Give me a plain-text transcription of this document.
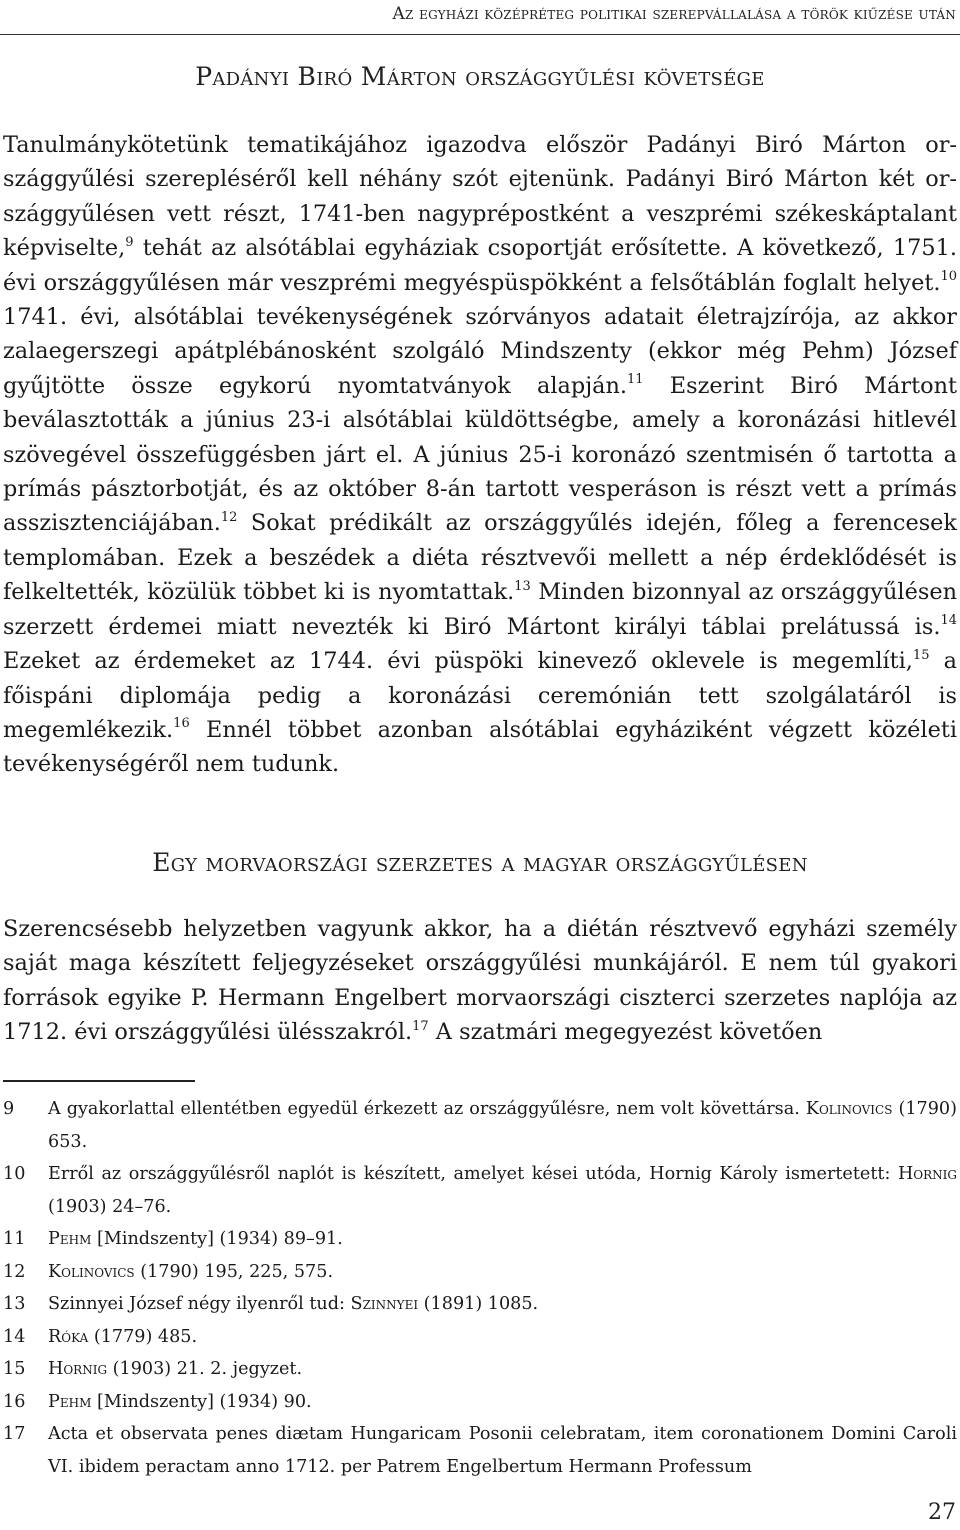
Az egyházi középréteg politikai szerepvállalása a török kiűzése után
Padányi Biró Márton országgyűlési követsége
Tanulmánykötetünk tematikájához igazodva először Padányi Biró Márton országgyűlési szerepléséről kell néhány szót ejtenünk. Padányi Biró Márton két országgyűlésen vett részt, 1741-ben nagyprépostként a veszprémi székeskáptalant képviselte,$^9$ tehát az alsótáblai egyháziak csoportját erősítette. A következő, 1751. évi országgyűlésen már veszprémi megyéspüspökként a felsőtáblán foglalt helyet.$^{10}$ 1741. évi, alsótáblai tevékenységének szórványos adatait életrajzírója, az akkor zalaegerszegi apátplébánosként szolgáló Mindszenty (ekkor még Pehm) József gyűjtötte össze egykorú nyomtatványok alapján.$^{11}$ Eszerint Biró Mártont beválasztották a június 23-i alsótáblai küldöttségbe, amely a koronázási hitlevél szövegével összefüggésben járt el. A június 25-i koronázó szentmisén ő tartotta a prímás pásztorbotját, és az október 8-án tartott vesperáson is részt vett a prímás asszisztenciájában.$^{12}$ Sokat prédikált az országgyűlés idején, főleg a ferencesek templomában. Ezek a beszédek a diéta résztvevői mellett a nép érdeklődését is felkeltették, közülük többet ki is nyomtattak.$^{13}$ Minden bizonnyal az országgyűlésen szerzett érdemei miatt nevezték ki Biró Mártont királyi táblai prelátussá is.$^{14}$ Ezeket az érdemeket az 1744. évi püspöki kinevező oklevele is megemlíti,$^{15}$ a főispáni diplomája pedig a koronázási ceremónián tett szolgálatáról is megemlékezik.$^{16}$ Ennél többet azonban alsótáblai egyháziként végzett közéleti tevékenységéről nem tudunk.
Egy morvaországi szerzetes a magyar országgyűlésen
Szerencsésebb helyzetben vagyunk akkor, ha a diétán résztvevő egyházi személy saját maga készített feljegyzéseket országgyűlési munkájáról. E nem túl gyakori források egyike P. Hermann Engelbert morvaországi ciszterci szerzetes naplója az 1712. évi országgyűlési ülésszakról.$^{17}$ A szatmári megegyezést követően
9	A gyakorlattal ellentétben egyedül érkezett az országgyűlésre, nem volt követtársa. Kolinovics (1790) 653.
10	Erről az országgyűlésről naplót is készített, amelyet kései utóda, Hornig Károly ismertetett: Hornig (1903) 24–76.
11	Pehm [Mindszenty] (1934) 89–91.
12	Kolinovics (1790) 195, 225, 575.
13	Szinnyei József négy ilyenről tud: Szinnyei (1891) 1085.
14	Róka (1779) 485.
15	Hornig (1903) 21. 2. jegyzet.
16	Pehm [Mindszenty] (1934) 90.
17	Acta et observata penes diætam Hungaricam Posonii celebratam, item coronationem Domini Caroli VI. ibidem peractam anno 1712. per Patrem Engelbertum Hermann Professum
27
